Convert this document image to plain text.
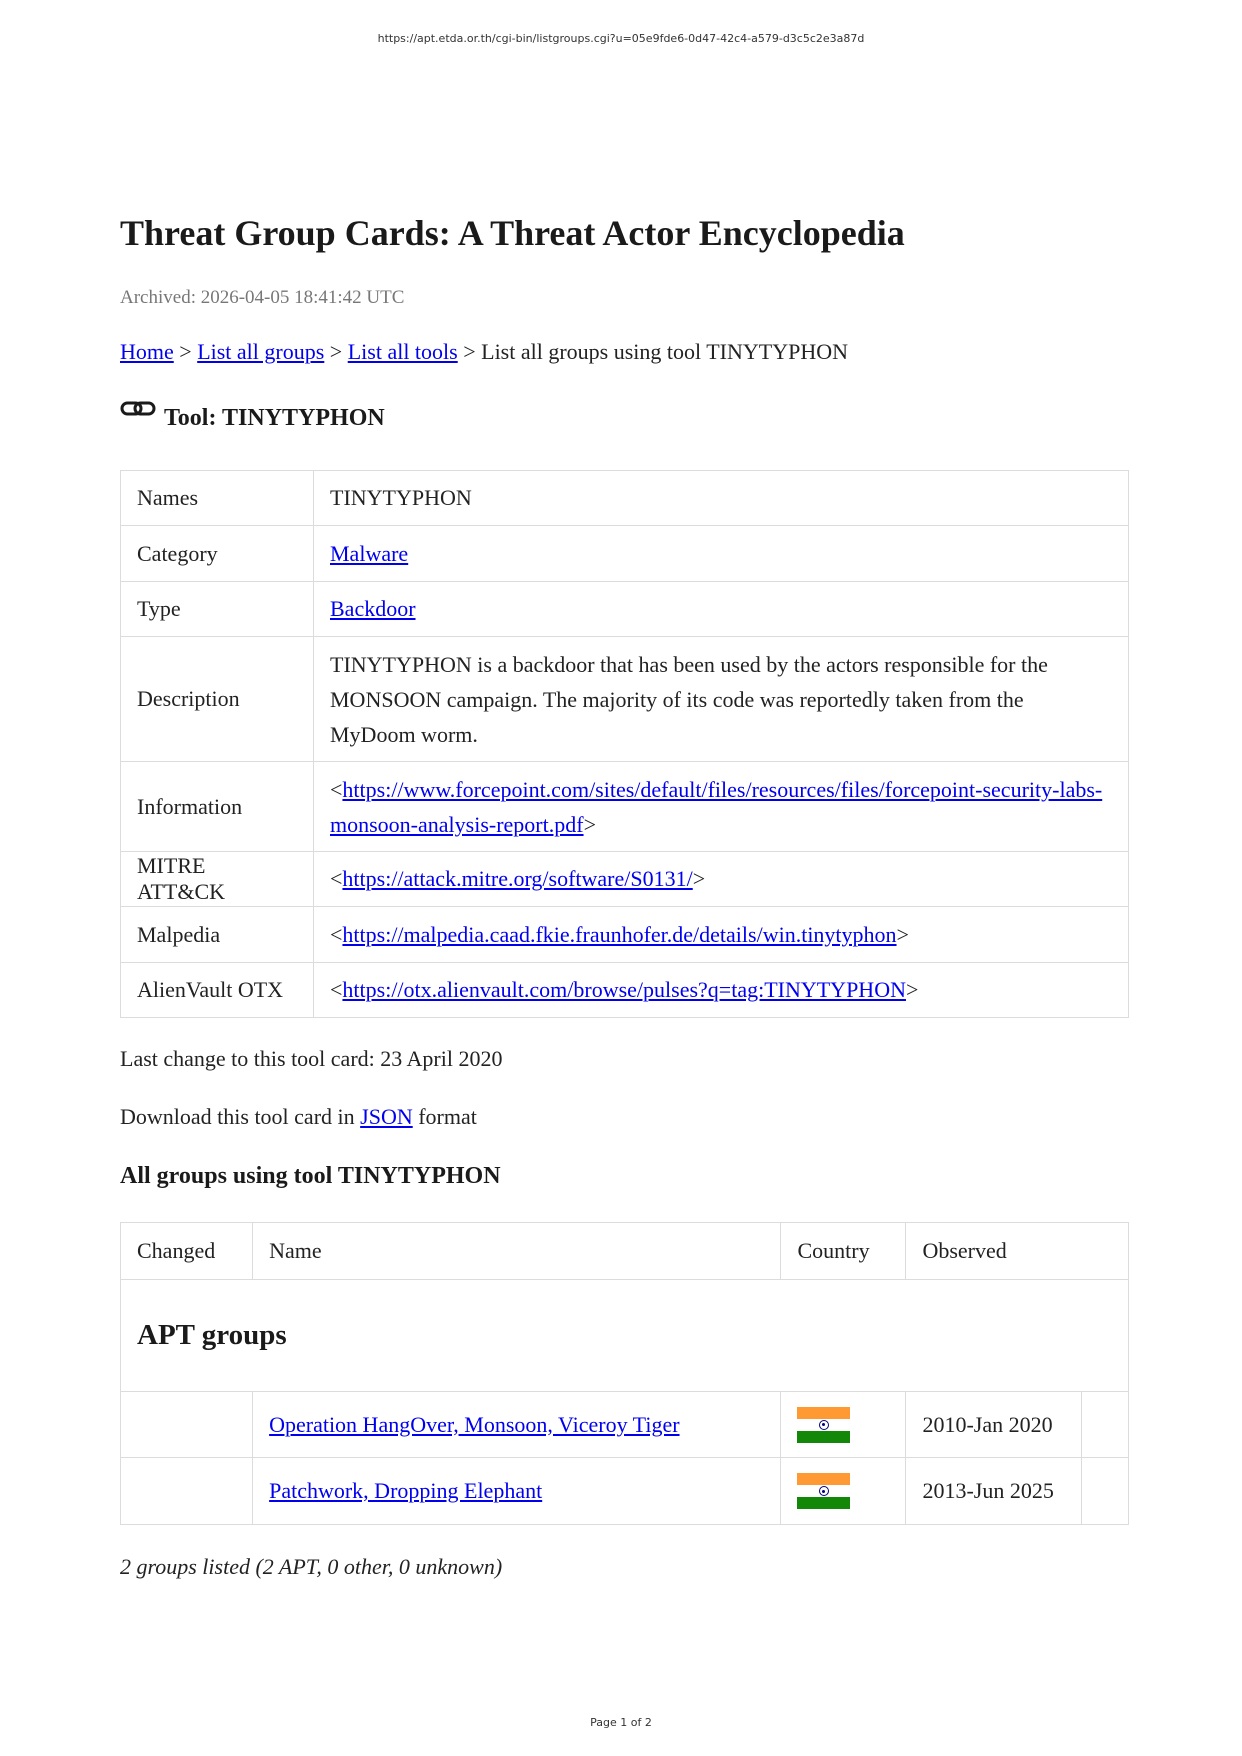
https://apt.etda.or.th/cgi-bin/listgroups.cgi?u=05e9fde6-0d47-42c4-a579-d3c5c2e3a87d
Threat Group Cards: A Threat Actor Encyclopedia
Archived: 2026-04-05 18:41:42 UTC
Home > List all groups > List all tools > List all groups using tool TINYTYPHON
Tool: TINYTYPHON
Names	TINYTYPHON
Category	Malware
Type	Backdoor
Description	TINYTYPHON is a backdoor that has been used by the actors responsible for the MONSOON campaign. The majority of its code was reportedly taken from the MyDoom worm.
Information	<https://www.forcepoint.com/sites/default/files/resources/files/forcepoint-security-labs-
monsoon-analysis-report.pdf>
MITRE ATT&CK	<https://attack.mitre.org/software/S0131/>
Malpedia	<https://malpedia.caad.fkie.fraunhofer.de/details/win.tinytyphon>
AlienVault OTX	<https://otx.alienvault.com/browse/pulses?q=tag:TINYTYPHON>
Last change to this tool card: 23 April 2020
Download this tool card in JSON format
All groups using tool TINYTYPHON
Changed	Name	Country	Observed	
APT groups				
	Operation HangOver, Monsoon, Viceroy Tiger		2010-Jan 2020	
	Patchwork, Dropping Elephant		2013-Jun 2025	
2 groups listed (2 APT, 0 other, 0 unknown)
Page 1 of 2
